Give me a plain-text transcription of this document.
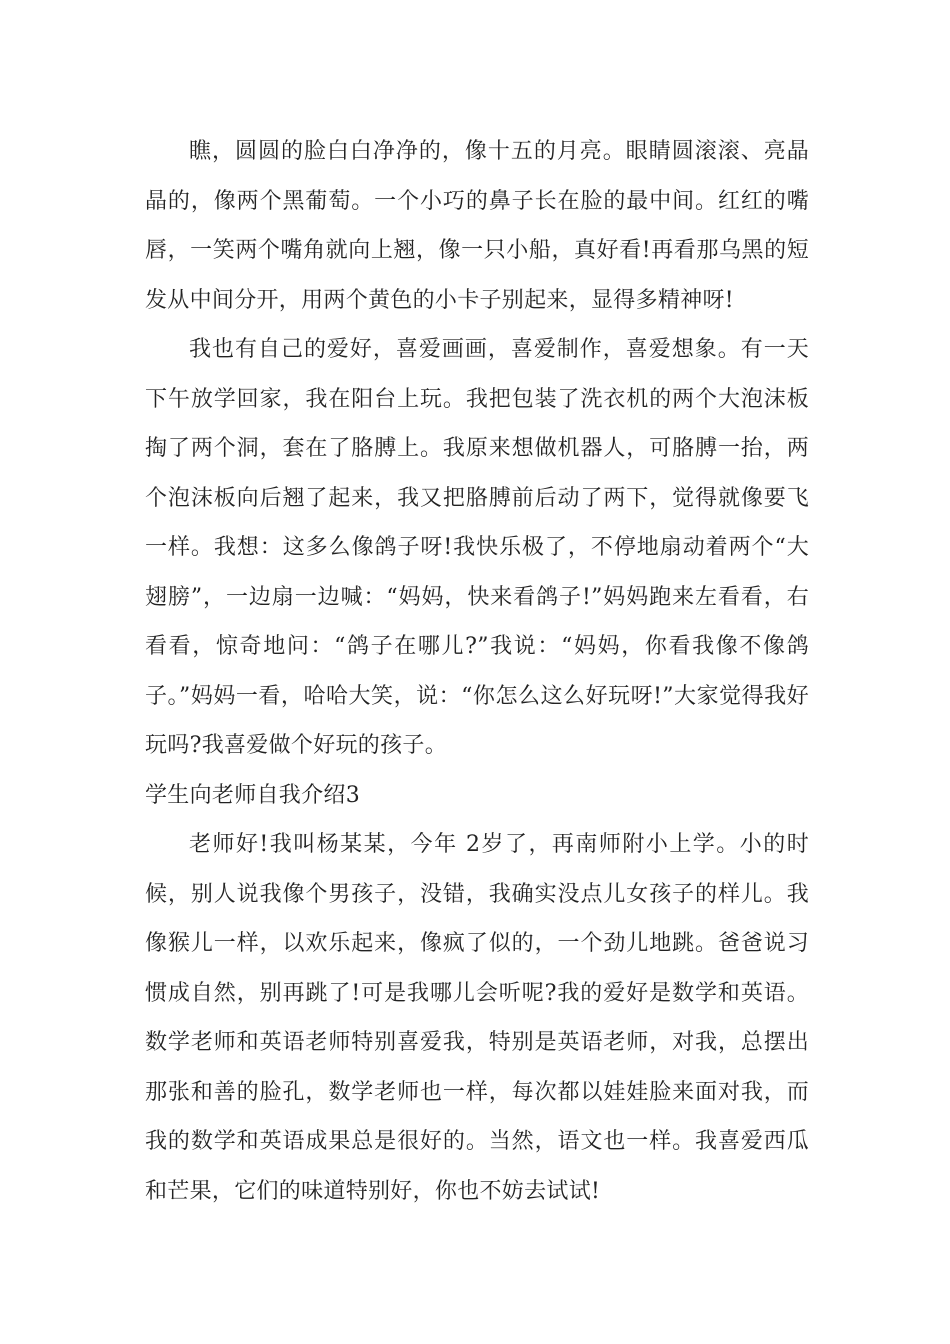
瞧，圆圆的脸白白净净的，像十五的月亮。眼睛圆滚滚、亮晶晶的，像两个黑葡萄。一个小巧的鼻子长在脸的最中间。红红的嘴唇，一笑两个嘴角就向上翘，像一只小船，真好看!再看那乌黑的短发从中间分开，用两个黄色的小卡子别起来，显得多精神呀!

我也有自己的爱好，喜爱画画，喜爱制作，喜爱想象。有一天下午放学回家，我在阳台上玩。我把包装了洗衣机的两个大泡沫板掏了两个洞，套在了胳膊上。我原来想做机器人，可胳膊一抬，两个泡沫板向后翘了起来，我又把胳膊前后动了两下，觉得就像要飞一样。我想：这多么像鸽子呀!我快乐极了，不停地扇动着两个“大翅膀”，一边扇一边喊：“妈妈，快来看鸽子!”妈妈跑来左看看，右看看，惊奇地问：“鸽子在哪儿?”我说：“妈妈，你看我像不像鸽子。”妈妈一看，哈哈大笑，说：“你怎么这么好玩呀!”大家觉得我好玩吗?我喜爱做个好玩的孩子。

学生向老师自我介绍3

老师好!我叫杨某某，今年 2岁了，再南师附小上学。小的时候，别人说我像个男孩子，没错，我确实没点儿女孩子的样儿。我像猴儿一样，以欢乐起来，像疯了似的，一个劲儿地跳。爸爸说习惯成自然，别再跳了!可是我哪儿会听呢?我的爱好是数学和英语。数学老师和英语老师特别喜爱我，特别是英语老师，对我，总摆出那张和善的脸孔，数学老师也一样，每次都以娃娃脸来面对我，而我的数学和英语成果总是很好的。当然，语文也一样。我喜爱西瓜和芒果，它们的味道特别好，你也不妨去试试!
